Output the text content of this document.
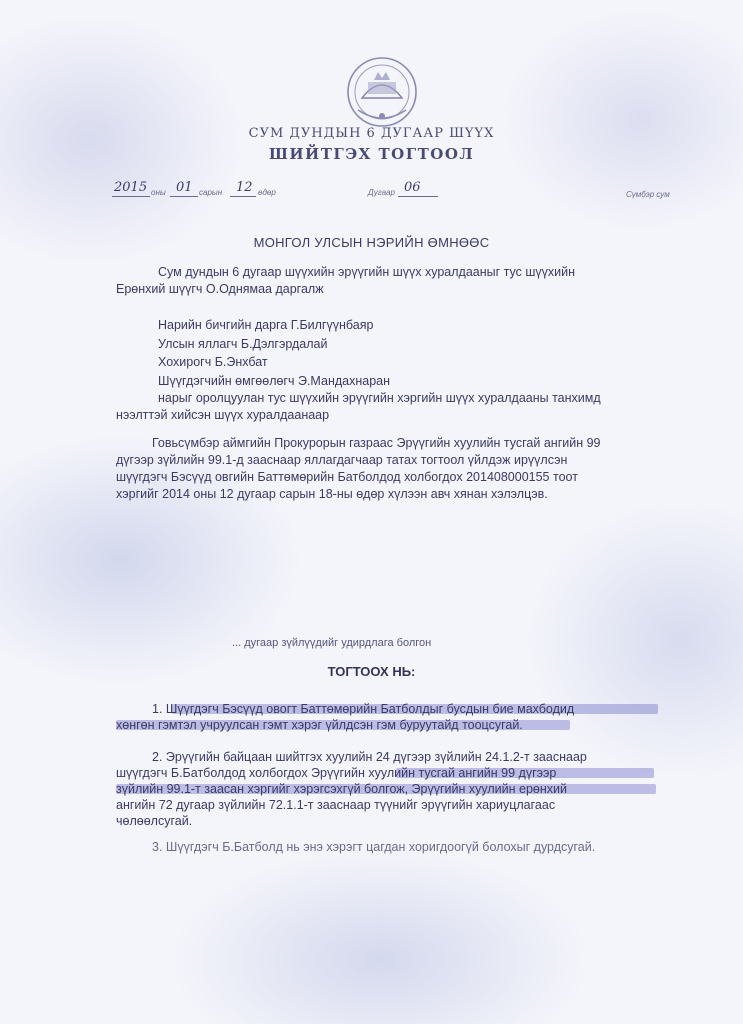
СУМ ДУНДЫН 6 ДУГААР ШҮҮХ
ШИЙТГЭХ ТОГТООЛ
2015 оны 01 сарын 12 өдөр	Дугаар 06	Сүмбэр сум
МОНГОЛ УЛСЫН НЭРИЙН ӨМНӨӨС
Сум дундын 6 дугаар шүүхийн эрүүгийн шүүх хуралдааныг тус шүүхийн
Ерөнхий шүүгч О.Однямаа даргалж
Нарийн бичгийн дарга Г.Билгүүнбаяр
Улсын яллагч Б.Дэлгэрдалай
Хохирогч Б.Энхбат
Шүүгдэгчийн өмгөөлөгч Э.Мандахнаран
нарыг оролцуулан тус шүүхийн эрүүгийн хэргийн шүүх хуралдааны танхимд
нээлттэй хийсэн шүүх хуралдаанаар
Говьсүмбэр аймгийн Прокурорын газраас Эрүүгийн хуулийн тусгай ангийн 99
дүгээр зүйлийн 99.1-д зааснаар яллагдагчаар татах тогтоол үйлдэж ирүүлсэн
шүүгдэгч Бэсүүд овгийн Баттөмөрийн Батболдод холбогдох 201408000155 тоот
хэргийг 2014 оны 12 дугаар сарын 18-ны өдөр хүлээн авч хянан хэлэлцэв.
... дугаар зүйлүүдийг удирдлага болгон
ТОГТООХ НЬ:
1. Шүүгдэгч Бэсүүд овогт Баттөмөрийн Батболдыг бусдын бие махбодид
хөнгөн гэмтэл учруулсан гэмт хэрэг үйлдсэн гэм буруутайд тооцсугай.
2. Эрүүгийн байцаан шийтгэх хуулийн 24 дүгээр зүйлийн 24.1.2-т зааснаар
шүүгдэгч Б.Батболдод холбогдох Эрүүгийн хуулийн тусгай ангийн 99 дүгээр
зүйлийн 99.1-т заасан хэргийг хэрэгсэхгүй болгож, Эрүүгийн хуулийн ерөнхий
ангийн 72 дугаар зүйлийн 72.1.1-т зааснаар түүнийг эрүүгийн хариуцлагаас
чөлөөлсугай.
3. Шүүгдэгч Б.Батболд нь энэ хэрэгт цагдан хоригдоогүй болохыг дурдсугай.
